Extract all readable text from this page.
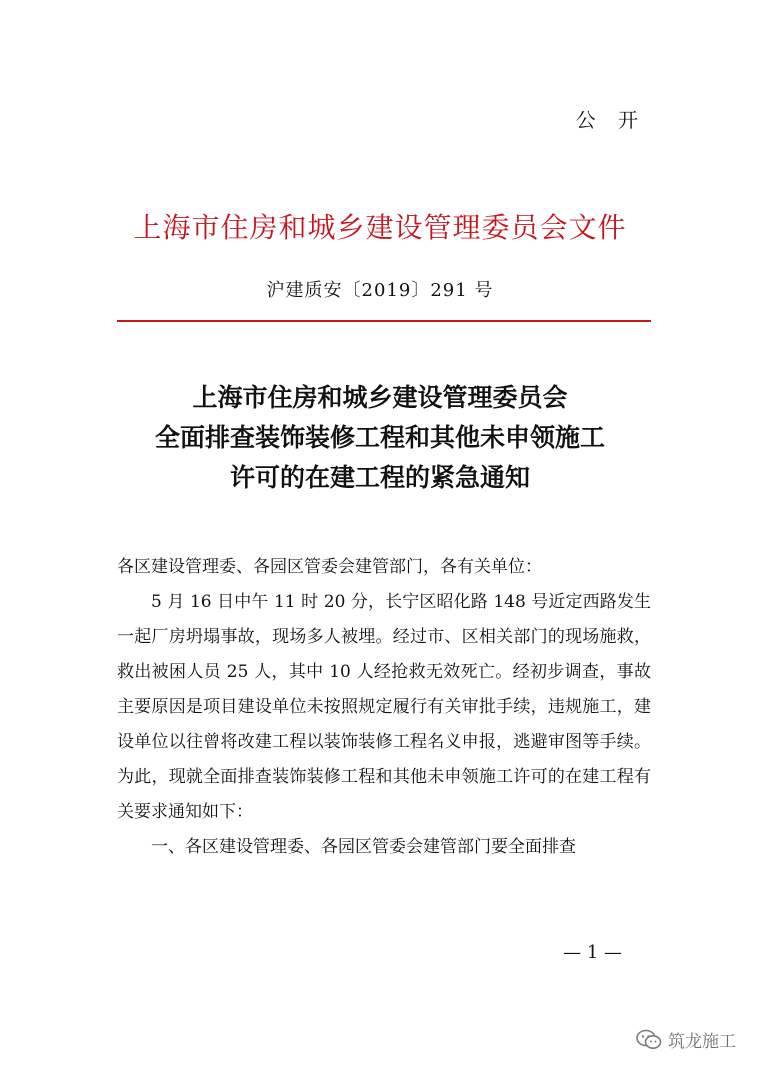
公 开
上海市住房和城乡建设管理委员会文件
沪建质安〔2019〕291 号
上海市住房和城乡建设管理委员会
全面排查装饰装修工程和其他未申领施工
许可的在建工程的紧急通知
各区建设管理委、各园区管委会建管部门，各有关单位：
5 月 16 日中午 11 时 20 分，长宁区昭化路 148 号近定西路发生一起厂房坍塌事故，现场多人被埋。经过市、区相关部门的现场施救，救出被困人员 25 人，其中 10 人经抢救无效死亡。经初步调查，事故主要原因是项目建设单位未按照规定履行有关审批手续，违规施工，建设单位以往曾将改建工程以装饰装修工程名义申报，逃避审图等手续。为此，现就全面排查装饰装修工程和其他未申领施工许可的在建工程有关要求通知如下：
一、各区建设管理委、各园区管委会建管部门要全面排查
— 1 —
筑龙施工
